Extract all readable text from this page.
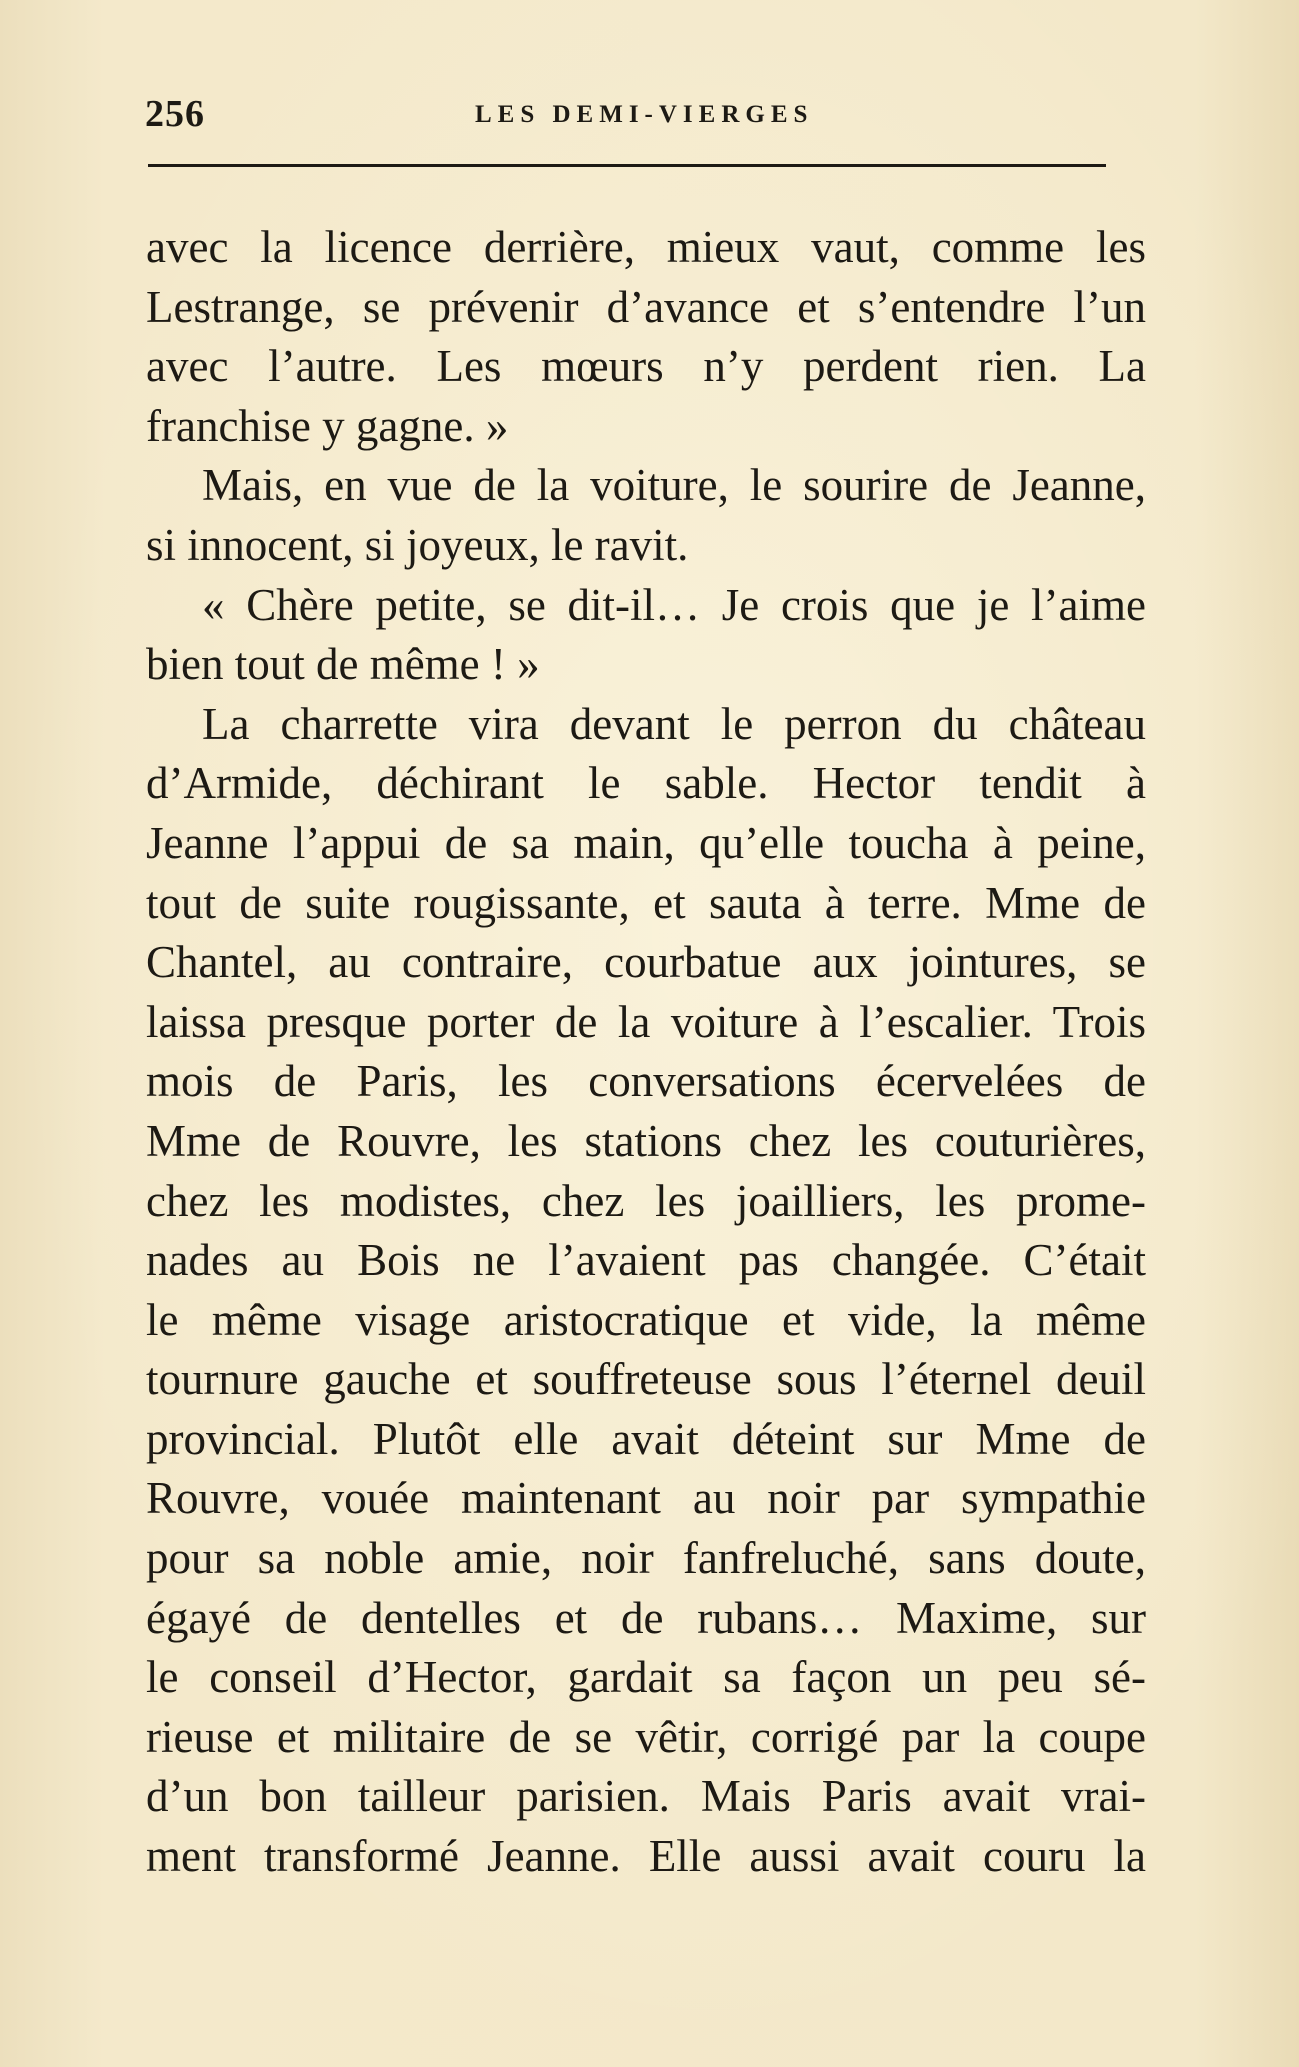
256	LES DEMI-VIERGES
avec la licence derrière, mieux vaut, comme les
Lestrange, se prévenir d’avance et s’entendre l’un
avec l’autre. Les mœurs n’y perdent rien. La
franchise y gagne. »
Mais, en vue de la voiture, le sourire de Jeanne,
si innocent, si joyeux, le ravit.
« Chère petite, se dit-il… Je crois que je l’aime
bien tout de même ! »
La charrette vira devant le perron du château
d’Armide, déchirant le sable. Hector tendit à
Jeanne l’appui de sa main, qu’elle toucha à peine,
tout de suite rougissante, et sauta à terre. Mme de
Chantel, au contraire, courbatue aux jointures, se
laissa presque porter de la voiture à l’escalier. Trois
mois de Paris, les conversations écervelées de
Mme de Rouvre, les stations chez les couturières,
chez les modistes, chez les joailliers, les prome-
nades au Bois ne l’avaient pas changée. C’était
le même visage aristocratique et vide, la même
tournure gauche et souffreteuse sous l’éternel deuil
provincial. Plutôt elle avait déteint sur Mme de
Rouvre, vouée maintenant au noir par sympathie
pour sa noble amie, noir fanfreluché, sans doute,
égayé de dentelles et de rubans… Maxime, sur
le conseil d’Hector, gardait sa façon un peu sé-
rieuse et militaire de se vêtir, corrigé par la coupe
d’un bon tailleur parisien. Mais Paris avait vrai-
ment transformé Jeanne. Elle aussi avait couru la
